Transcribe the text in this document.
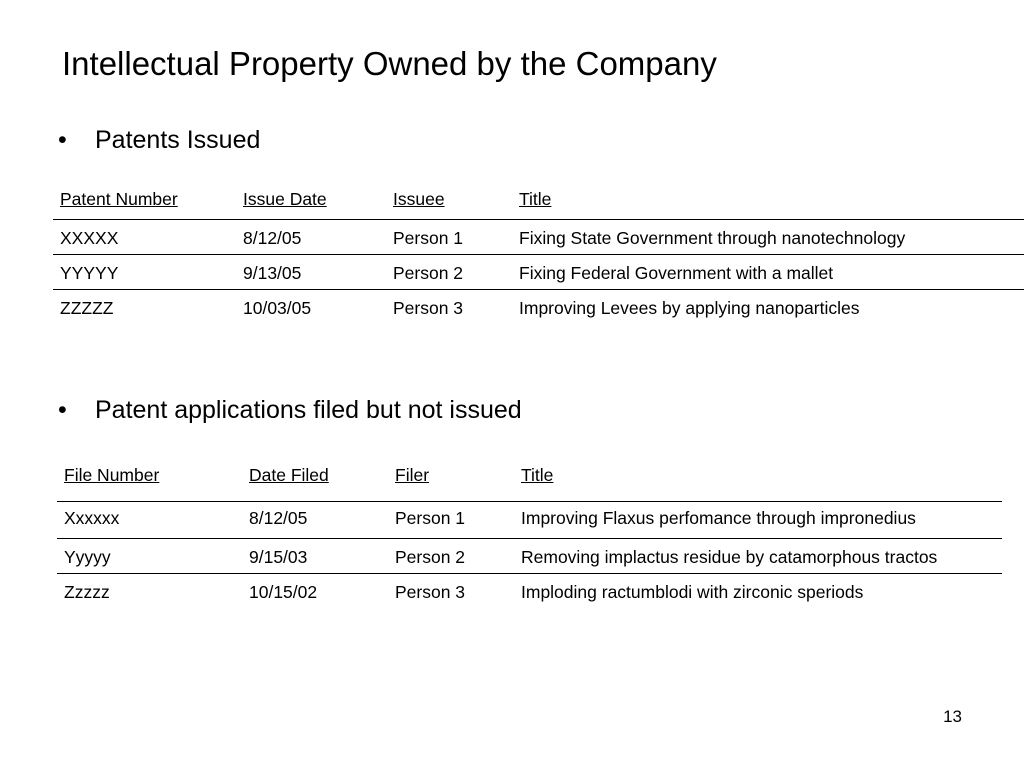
Intellectual Property Owned by the Company
• Patents Issued
Patent Number	Issue Date	Issuee	Title
XXXXX	8/12/05	Person 1	Fixing State Government through nanotechnology
YYYYY	9/13/05	Person 2	Fixing Federal Government with a mallet
ZZZZZ	10/03/05	Person 3	Improving Levees by applying nanoparticles
• Patent applications filed but not issued
File Number	Date Filed	Filer	Title
Xxxxxx	8/12/05	Person 1	Improving Flaxus perfomance through impronedius
Yyyyy	9/15/03	Person 2	Removing implactus residue by catamorphous tractos
Zzzzz	10/15/02	Person 3	Imploding ractumblodi with zirconic speriods
13
